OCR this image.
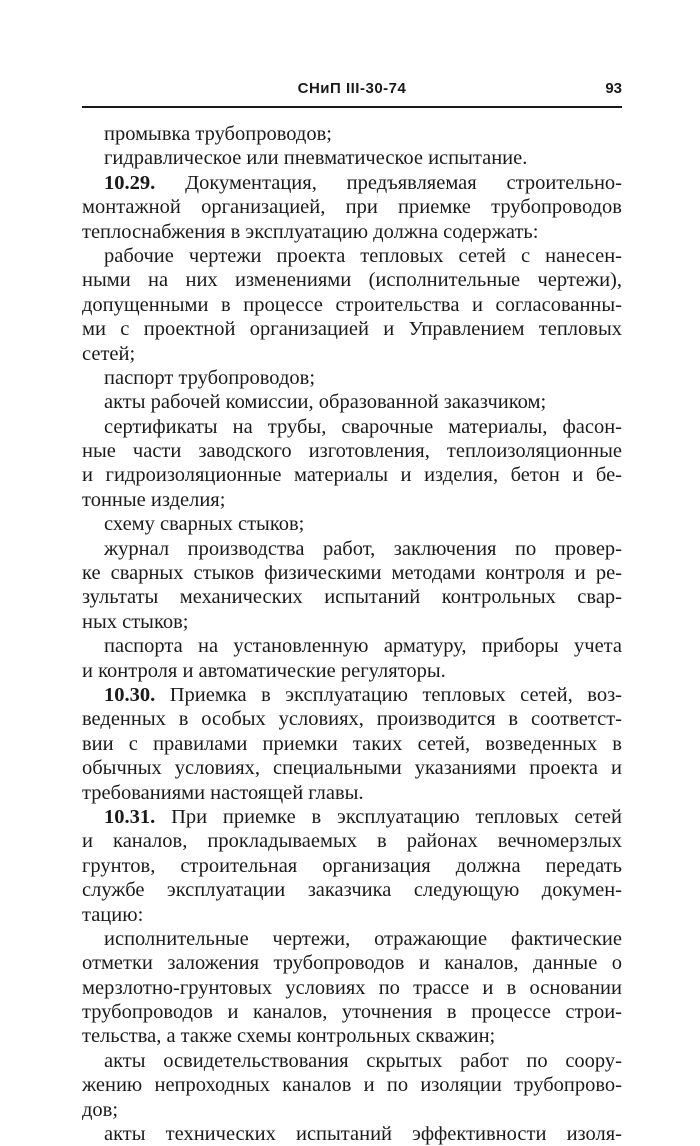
СНиП III-30-74	93
промывка трубопроводов;
гидравлическое или пневматическое испытание.
10.29. Документация, предъявляемая строительно-
монтажной организацией, при приемке трубопроводов
теплоснабжения в эксплуатацию должна содержать:
рабочие чертежи проекта тепловых сетей с нанесен-
ными на них изменениями (исполнительные чертежи),
допущенными в процессе строительства и согласованны-
ми с проектной организацией и Управлением тепловых
сетей;
паспорт трубопроводов;
акты рабочей комиссии, образованной заказчиком;
сертификаты на трубы, сварочные материалы, фасон-
ные части заводского изготовления, теплоизоляционные
и гидроизоляционные материалы и изделия, бетон и бе-
тонные изделия;
схему сварных стыков;
журнал производства работ, заключения по провер-
ке сварных стыков физическими методами контроля и ре-
зультаты механических испытаний контрольных свар-
ных стыков;
паспорта на установленную арматуру, приборы учета
и контроля и автоматические регуляторы.
10.30. Приемка в эксплуатацию тепловых сетей, воз-
веденных в особых условиях, производится в соответст-
вии с правилами приемки таких сетей, возведенных в
обычных условиях, специальными указаниями проекта и
требованиями настоящей главы.
10.31. При приемке в эксплуатацию тепловых сетей
и каналов, прокладываемых в районах вечномерзлых
грунтов, строительная организация должна передать
службе эксплуатации заказчика следующую докумен-
тацию:
исполнительные чертежи, отражающие фактические
отметки заложения трубопроводов и каналов, данные о
мерзлотно-грунтовых условиях по трассе и в основании
трубопроводов и каналов, уточнения в процессе строи-
тельства, а также схемы контрольных скважин;
акты освидетельствования скрытых работ по соору-
жению непроходных каналов и по изоляции трубопрово-
дов;
акты технических испытаний эффективности изоля-
